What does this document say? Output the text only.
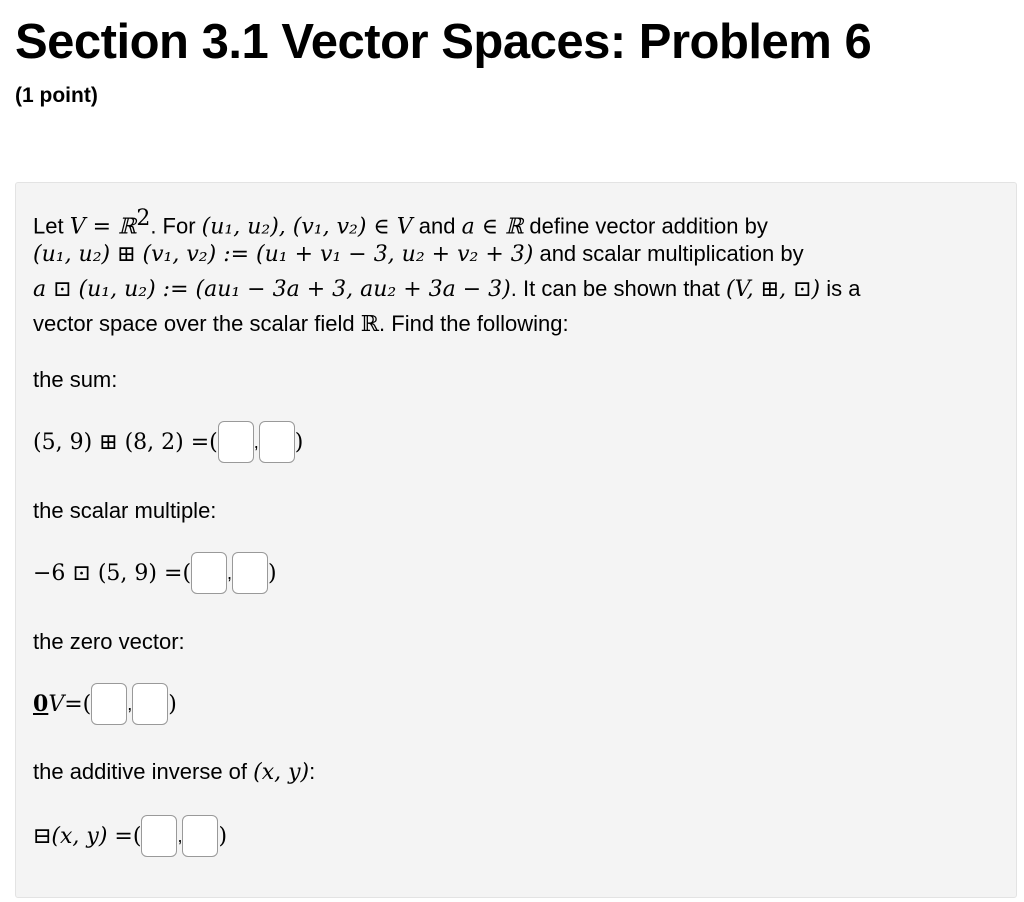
Section 3.1 Vector Spaces: Problem 6
(1 point)
Let V = ℝ$^2$. For (u₁, u₂), (v₁, v₂) ∈ V and a ∈ ℝ define vector addition by
(u₁, u₂) ⊞ (v₁, v₂) := (u₁ + v₁ − 3, u₂ + v₂ + 3) and scalar multiplication by
a ⊡ (u₁, u₂) := (au₁ − 3a + 3, au₂ + 3a − 3). It can be shown that (V, ⊞, ⊡) is a
vector space over the scalar field ℝ. Find the following:
the sum:
(5, 9) ⊞ (8, 2) = ( , )
the scalar multiple:
−6 ⊡ (5, 9) = ( , )
the zero vector:
0 V = ( , )
the additive inverse of (x, y):
⊟(x, y) = ( , )
